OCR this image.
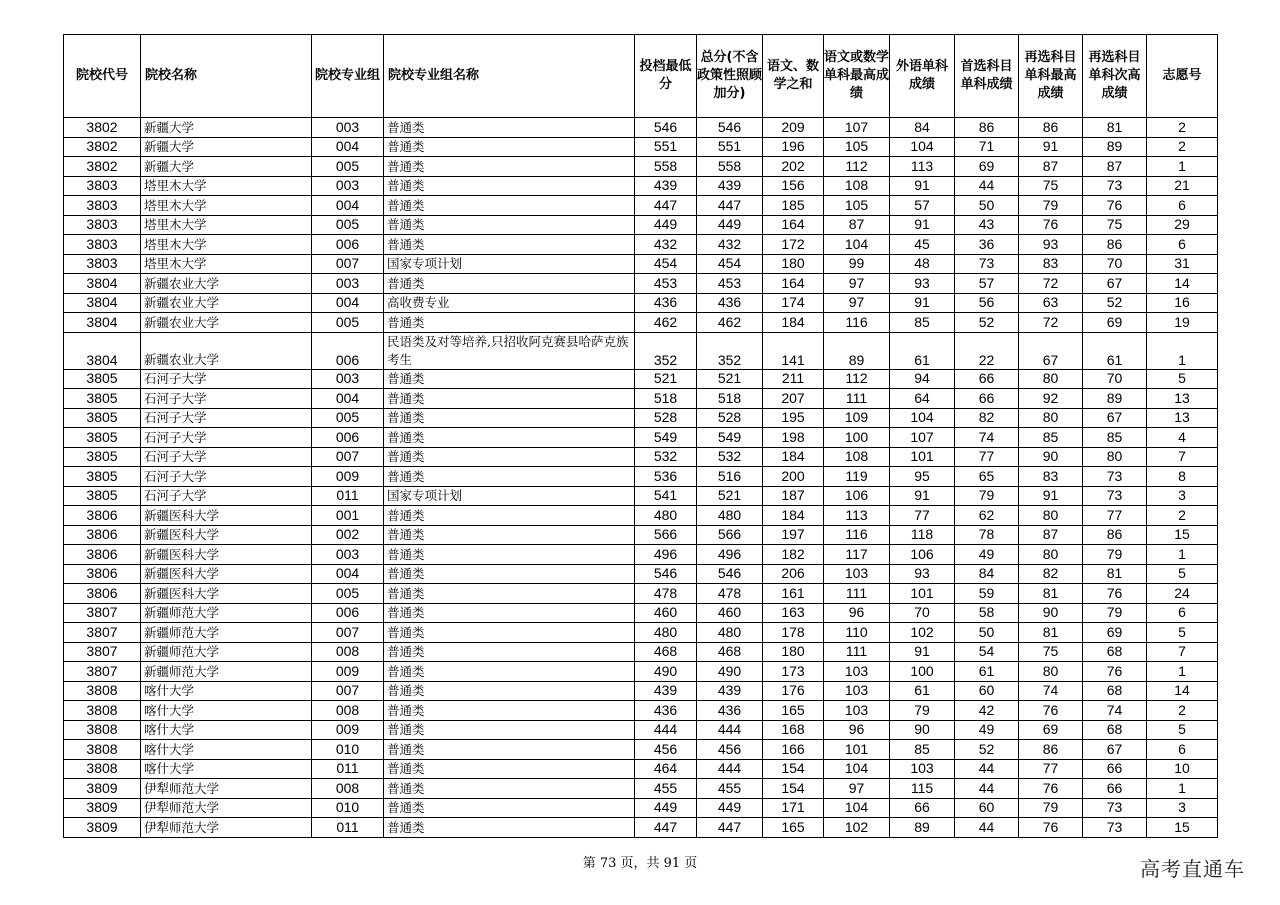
院校代号	院校名称	院校专业组	院校专业组名称	投档最低分	总分(不含政策性照顾加分)	语文、数学之和	语文或数学单科最高成绩	外语单科成绩	首选科目单科成绩	再选科目单科最高成绩	再选科目单科次高成绩	志愿号
3802	新疆大学	003	普通类	546	546	209	107	84	86	86	81	2
3802	新疆大学	004	普通类	551	551	196	105	104	71	91	89	2
3802	新疆大学	005	普通类	558	558	202	112	113	69	87	87	1
3803	塔里木大学	003	普通类	439	439	156	108	91	44	75	73	21
3803	塔里木大学	004	普通类	447	447	185	105	57	50	79	76	6
3803	塔里木大学	005	普通类	449	449	164	87	91	43	76	75	29
3803	塔里木大学	006	普通类	432	432	172	104	45	36	93	86	6
3803	塔里木大学	007	国家专项计划	454	454	180	99	48	73	83	70	31
3804	新疆农业大学	003	普通类	453	453	164	97	93	57	72	67	14
3804	新疆农业大学	004	高收费专业	436	436	174	97	91	56	63	52	16
3804	新疆农业大学	005	普通类	462	462	184	116	85	52	72	69	19
3804	新疆农业大学	006	民语类及对等培养,只招收阿克赛县哈萨克族考生	352	352	141	89	61	22	67	61	1
3805	石河子大学	003	普通类	521	521	211	112	94	66	80	70	5
3805	石河子大学	004	普通类	518	518	207	111	64	66	92	89	13
3805	石河子大学	005	普通类	528	528	195	109	104	82	80	67	13
3805	石河子大学	006	普通类	549	549	198	100	107	74	85	85	4
3805	石河子大学	007	普通类	532	532	184	108	101	77	90	80	7
3805	石河子大学	009	普通类	536	516	200	119	95	65	83	73	8
3805	石河子大学	011	国家专项计划	541	521	187	106	91	79	91	73	3
3806	新疆医科大学	001	普通类	480	480	184	113	77	62	80	77	2
3806	新疆医科大学	002	普通类	566	566	197	116	118	78	87	86	15
3806	新疆医科大学	003	普通类	496	496	182	117	106	49	80	79	1
3806	新疆医科大学	004	普通类	546	546	206	103	93	84	82	81	5
3806	新疆医科大学	005	普通类	478	478	161	111	101	59	81	76	24
3807	新疆师范大学	006	普通类	460	460	163	96	70	58	90	79	6
3807	新疆师范大学	007	普通类	480	480	178	110	102	50	81	69	5
3807	新疆师范大学	008	普通类	468	468	180	111	91	54	75	68	7
3807	新疆师范大学	009	普通类	490	490	173	103	100	61	80	76	1
3808	喀什大学	007	普通类	439	439	176	103	61	60	74	68	14
3808	喀什大学	008	普通类	436	436	165	103	79	42	76	74	2
3808	喀什大学	009	普通类	444	444	168	96	90	49	69	68	5
3808	喀什大学	010	普通类	456	456	166	101	85	52	86	67	6
3808	喀什大学	011	普通类	464	444	154	104	103	44	77	66	10
3809	伊犁师范大学	008	普通类	455	455	154	97	115	44	76	66	1
3809	伊犁师范大学	010	普通类	449	449	171	104	66	60	79	73	3
3809	伊犁师范大学	011	普通类	447	447	165	102	89	44	76	73	15
第 73 页，共 91 页	高考直通车
